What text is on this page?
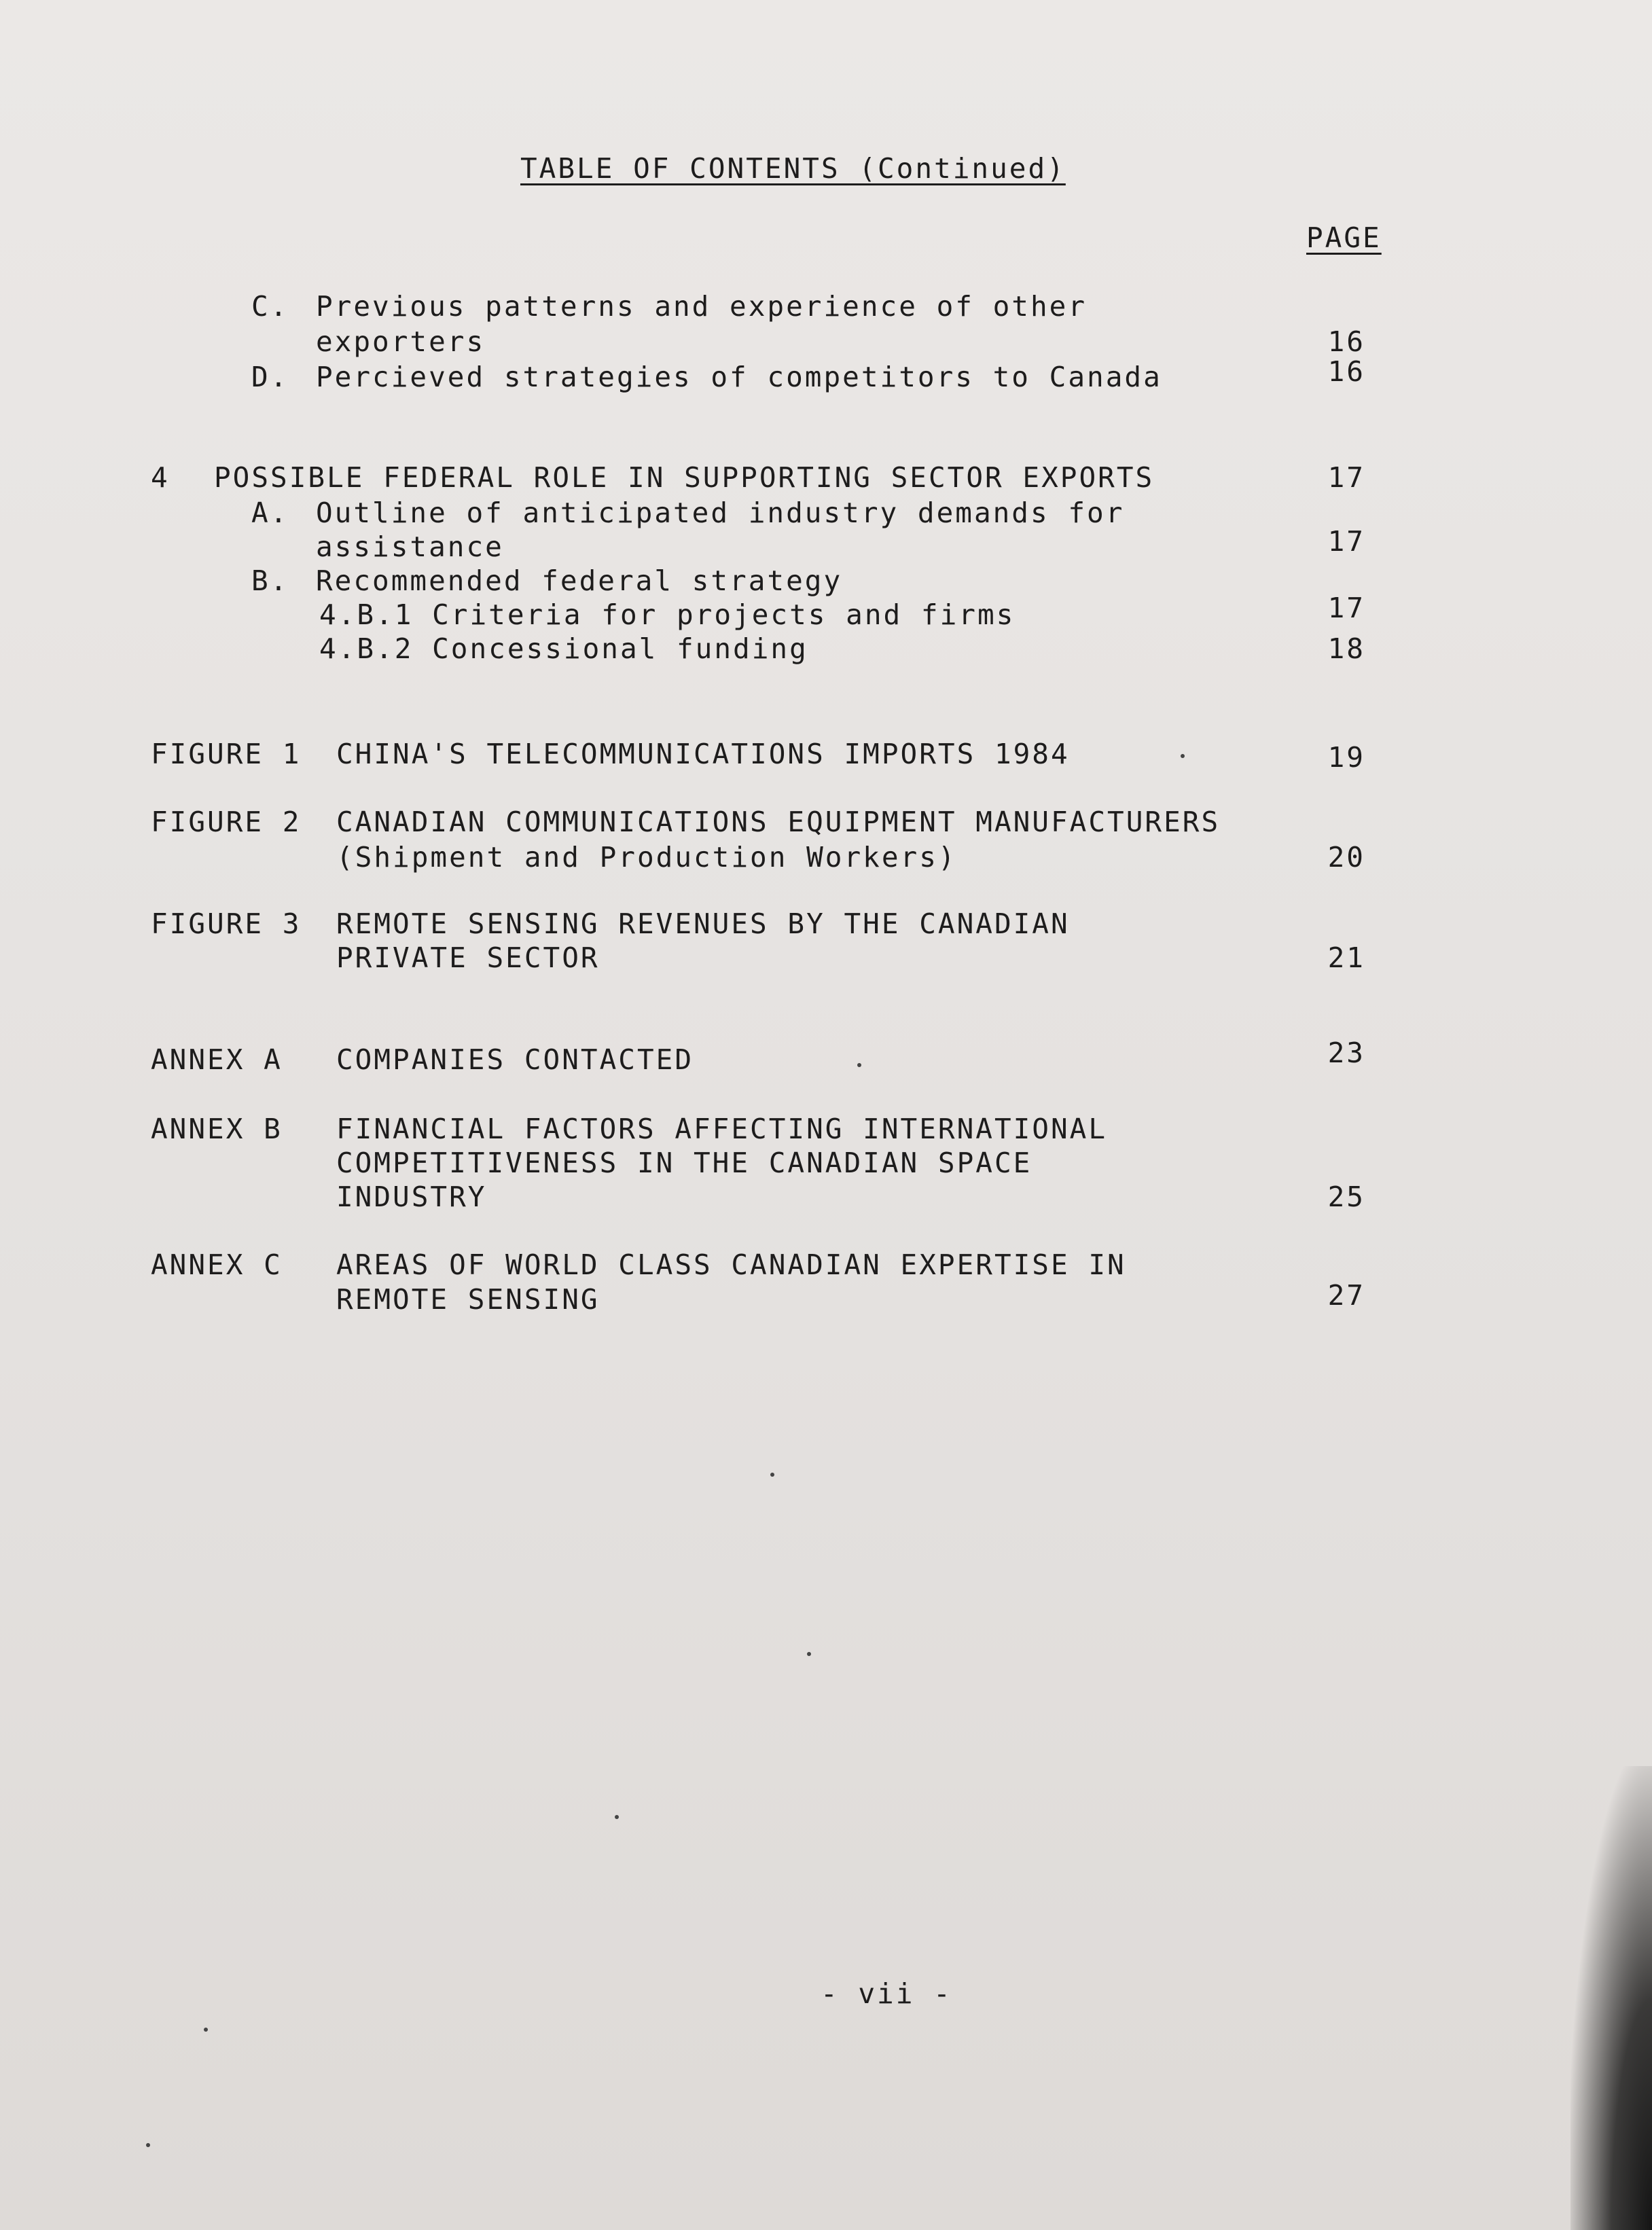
TABLE OF CONTENTS (Continued)
PAGE
C. Previous patterns and experience of other
exporters	16
D. Percieved strategies of competitors to Canada	16
4 POSSIBLE FEDERAL ROLE IN SUPPORTING SECTOR EXPORTS	17
A. Outline of anticipated industry demands for
assistance	17
B. Recommended federal strategy
4.B.1 Criteria for projects and firms	17
4.B.2 Concessional funding	18
FIGURE 1 CHINA'S TELECOMMUNICATIONS IMPORTS 1984	19
FIGURE 2 CANADIAN COMMUNICATIONS EQUIPMENT MANUFACTURERS
(Shipment and Production Workers)	20
FIGURE 3 REMOTE SENSING REVENUES BY THE CANADIAN
PRIVATE SECTOR	21
ANNEX A COMPANIES CONTACTED	23
ANNEX B FINANCIAL FACTORS AFFECTING INTERNATIONAL
COMPETITIVENESS IN THE CANADIAN SPACE
INDUSTRY	25
ANNEX C AREAS OF WORLD CLASS CANADIAN EXPERTISE IN
REMOTE SENSING	27
- vii -
